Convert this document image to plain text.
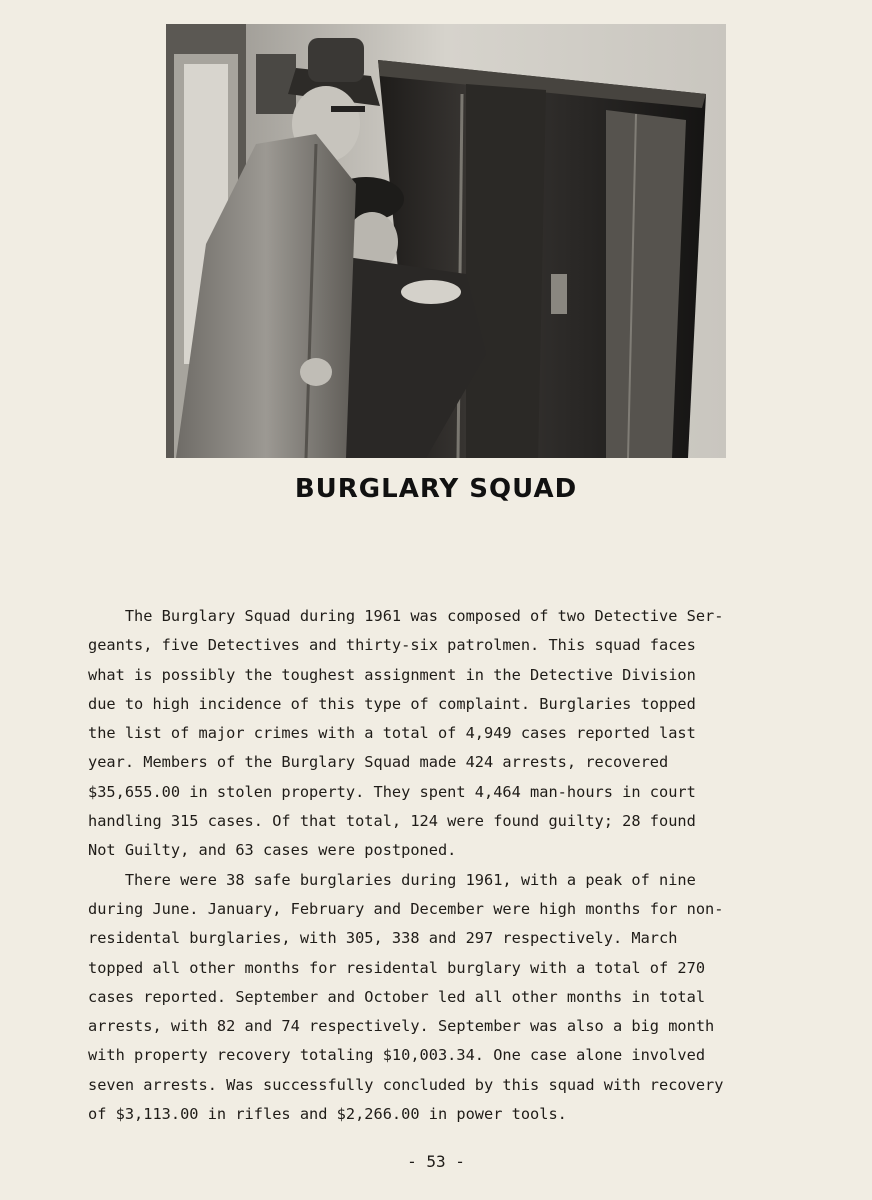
BURGLARY SQUAD
The Burglary Squad during 1961 was composed of two Detective Ser-
geants, five Detectives and thirty-six patrolmen. This squad faces
what is possibly the toughest assignment in the Detective Division
due to high incidence of this type of complaint. Burglaries topped
the list of major crimes with a total of 4,949 cases reported last
year. Members of the Burglary Squad made 424 arrests, recovered
$35,655.00 in stolen property. They spent 4,464 man-hours in court
handling 315 cases. Of that total, 124 were found guilty; 28 found
Not Guilty, and 63 cases were postponed.
There were 38 safe burglaries during 1961, with a peak of nine
during June. January, February and December were high months for non-
residental burglaries, with 305, 338 and 297 respectively. March
topped all other months for residental burglary with a total of 270
cases reported. September and October led all other months in total
arrests, with 82 and 74 respectively. September was also a big month
with property recovery totaling $10,003.34. One case alone involved
seven arrests. Was successfully concluded by this squad with recovery
of $3,113.00 in rifles and $2,266.00 in power tools.
- 53 -
